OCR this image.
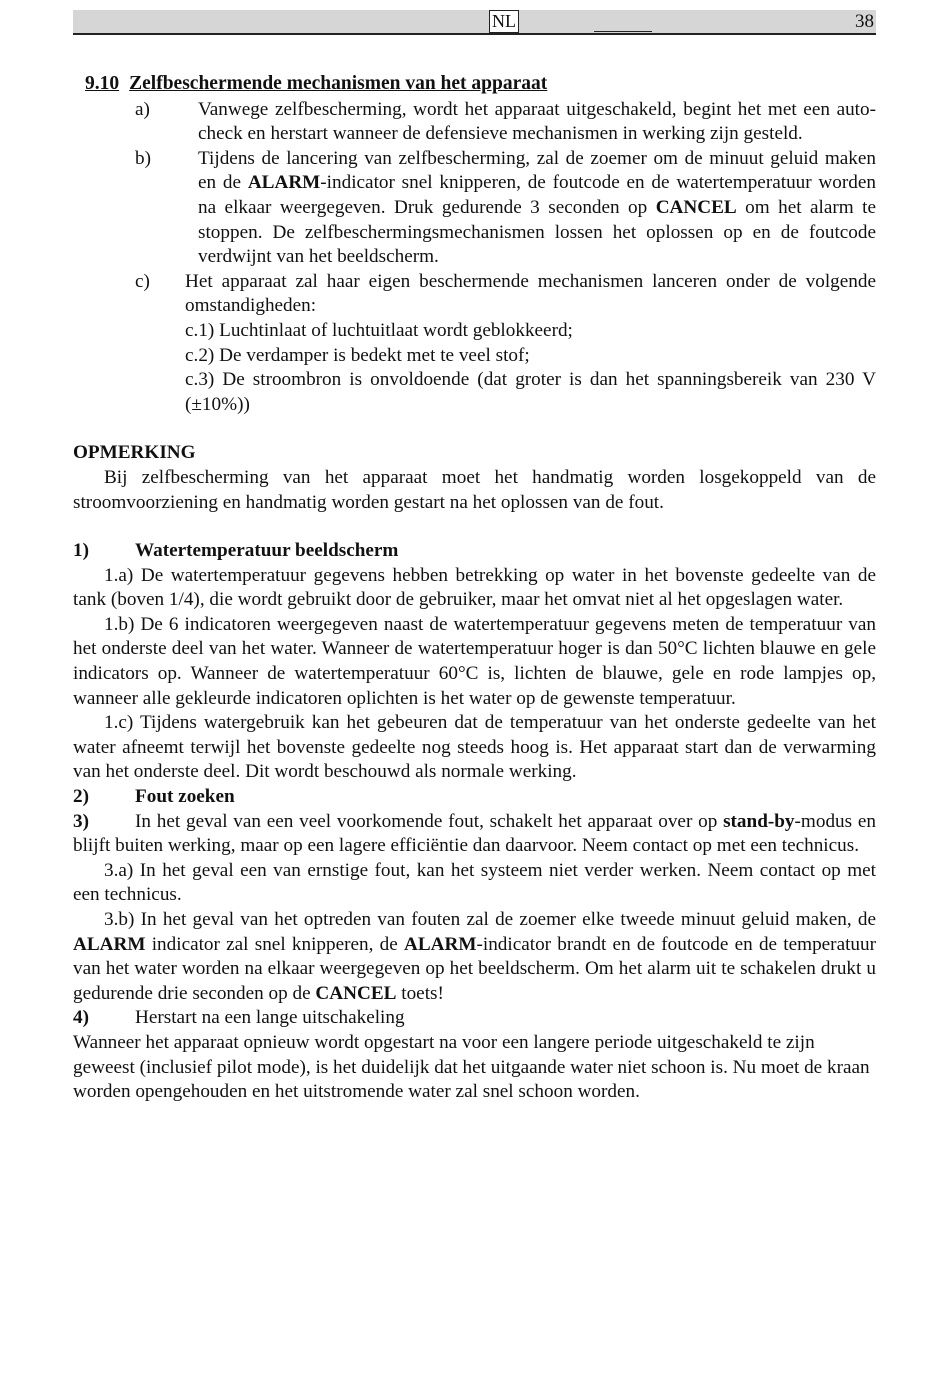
NL	38
9.10 Zelfbeschermende mechanismen van het apparaat
a)	Vanwege zelfbescherming, wordt het apparaat uitgeschakeld, begint het met een auto-check en herstart wanneer de defensieve mechanismen in werking zijn gesteld.
b) Tijdens de lancering van zelfbescherming, zal de zoemer om de minuut geluid maken en de ALARM-indicator snel knipperen, de foutcode en de watertemperatuur worden na elkaar weergegeven. Druk gedurende 3 seconden op CANCEL om het alarm te stoppen. De zelfbeschermingsmechanismen lossen het oplossen op en de foutcode verdwijnt van het beeldscherm.
c) Het apparaat zal haar eigen beschermende mechanismen lanceren onder de volgende omstandigheden:
c.1) Luchtinlaat of luchtuitlaat wordt geblokkeerd;
c.2) De verdamper is bedekt met te veel stof;
c.3) De stroombron is onvoldoende (dat groter is dan het spanningsbereik van 230 V (±10%))
OPMERKING

Bij zelfbescherming van het apparaat moet het handmatig worden losgekoppeld van de stroomvoorziening en handmatig worden gestart na het oplossen van de fout.

1) Watertemperatuur beeldscherm

1.a) De watertemperatuur gegevens hebben betrekking op water in het bovenste gedeelte van de tank (boven 1/4), die wordt gebruikt door de gebruiker, maar het omvat niet al het opgeslagen water.

1.b) De 6 indicatoren weergegeven naast de watertemperatuur gegevens meten de temperatuur van het onderste deel van het water. Wanneer de watertemperatuur hoger is dan 50°C lichten blauwe en gele indicators op. Wanneer de watertemperatuur 60°C is, lichten de blauwe, gele en rode lampjes op, wanneer alle gekleurde indicatoren oplichten is het water op de gewenste temperatuur.

1.c) Tijdens watergebruik kan het gebeuren dat de temperatuur van het onderste gedeelte van het water afneemt terwijl het bovenste gedeelte nog steeds hoog is. Het apparaat start dan de verwarming van het onderste deel. Dit wordt beschouwd als normale werking.

2) Fout zoeken

3) In het geval van een veel voorkomende fout, schakelt het apparaat over op stand-by-modus en blijft buiten werking, maar op een lagere efficiëntie dan daarvoor. Neem contact op met een technicus.

3.a) In het geval een van ernstige fout, kan het systeem niet verder werken. Neem contact op met een technicus.

3.b) In het geval van het optreden van fouten zal de zoemer elke tweede minuut geluid maken, de ALARM indicator zal snel knipperen, de ALARM-indicator brandt en de foutcode en de temperatuur van het water worden na elkaar weergegeven op het beeldscherm. Om het alarm uit te schakelen drukt u gedurende drie seconden op de CANCEL toets!

4) Herstart na een lange uitschakeling

Wanneer het apparaat opnieuw wordt opgestart na voor een langere periode uitgeschakeld te zijn geweest (inclusief pilot mode), is het duidelijk dat het uitgaande water niet schoon is. Nu moet de kraan worden opengehouden en het uitstromende water zal snel schoon worden.
